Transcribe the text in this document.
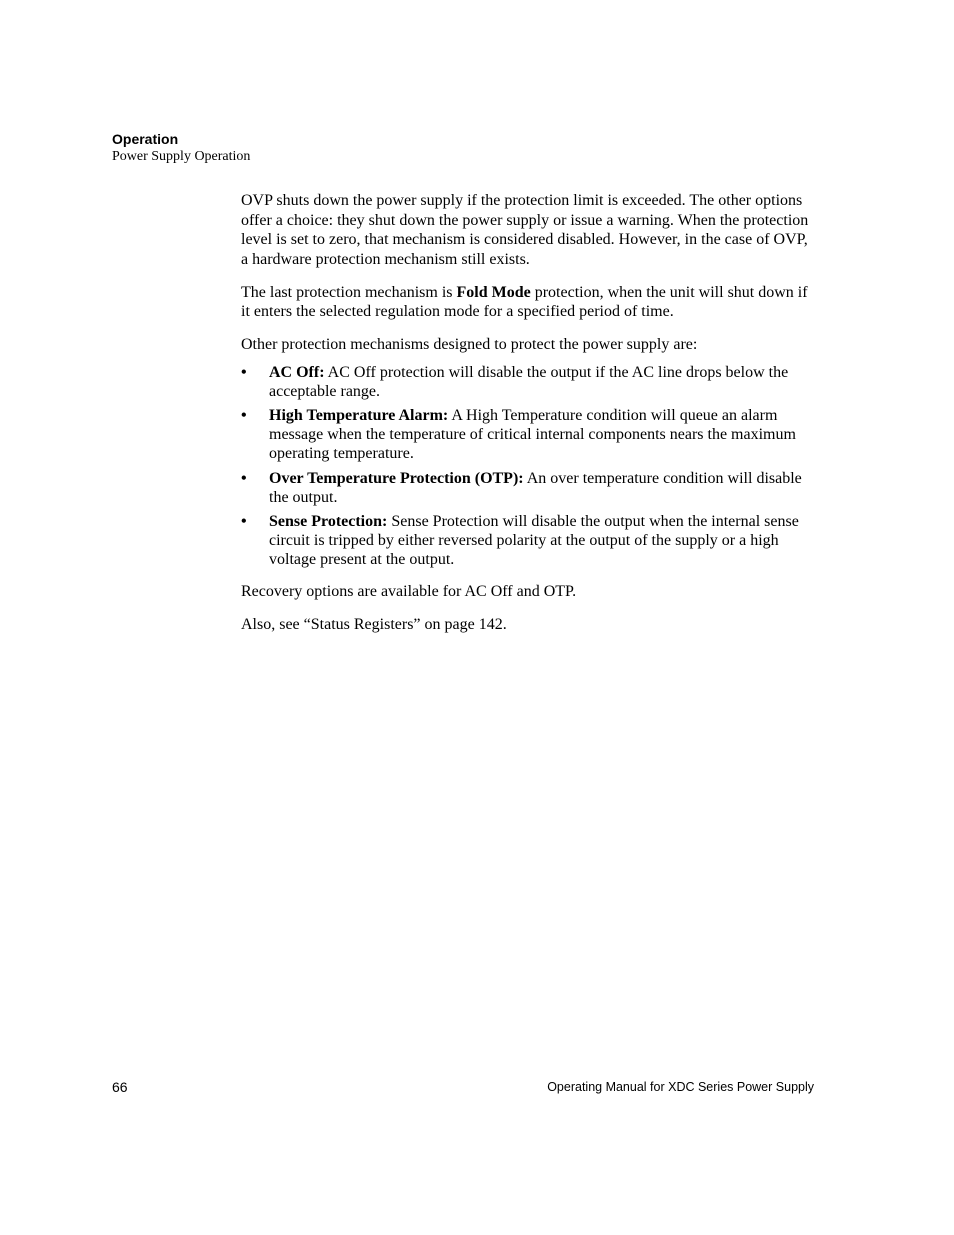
Operation
Power Supply Operation

OVP shuts down the power supply if the protection limit is exceeded. The other options offer a choice: they shut down the power supply or issue a warning. When the protection level is set to zero, that mechanism is considered disabled. However, in the case of OVP, a hardware protection mechanism still exists.

The last protection mechanism is Fold Mode protection, when the unit will shut down if it enters the selected regulation mode for a specified period of time.

Other protection mechanisms designed to protect the power supply are:

• AC Off: AC Off protection will disable the output if the AC line drops below the acceptable range.
• High Temperature Alarm: A High Temperature condition will queue an alarm message when the temperature of critical internal components nears the maximum operating temperature.
• Over Temperature Protection (OTP): An over temperature condition will disable the output.
• Sense Protection: Sense Protection will disable the output when the internal sense circuit is tripped by either reversed polarity at the output of the supply or a high voltage present at the output.

Recovery options are available for AC Off and OTP.

Also, see “Status Registers” on page 142.

66	Operating Manual for XDC Series Power Supply
